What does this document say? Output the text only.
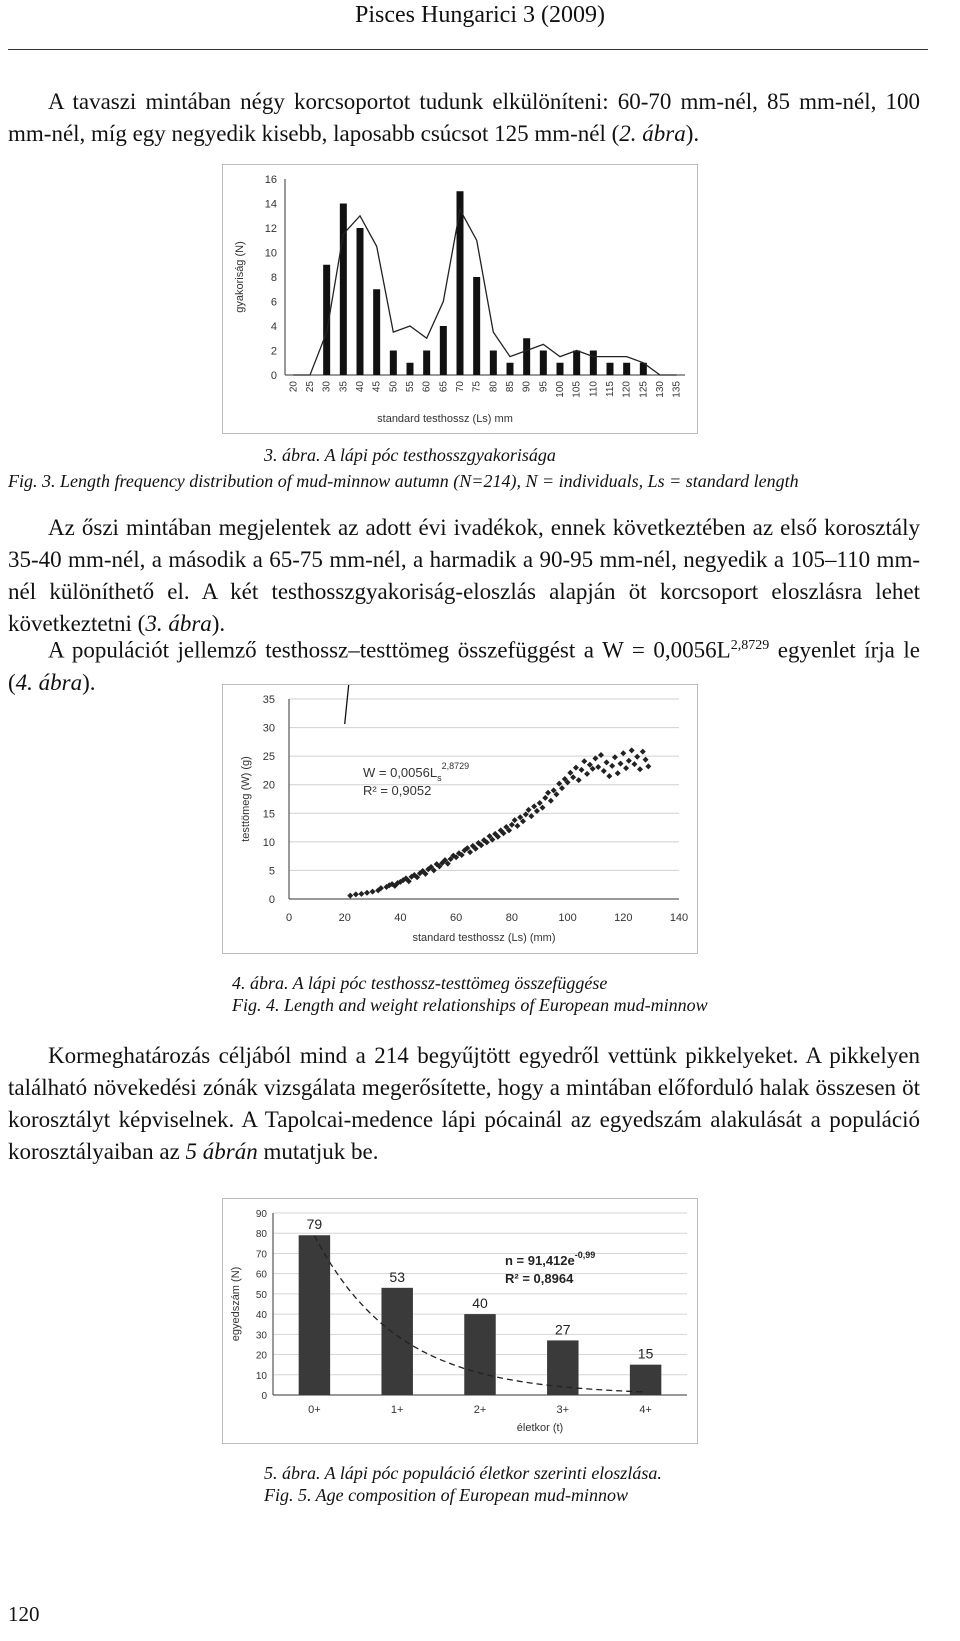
Pisces Hungarici 3 (2009)

A tavaszi mintában négy korcsoportot tudunk elkülöníteni: 60-70 mm-nél, 85 mm-nél, 100 mm-nél, míg egy negyedik kisebb, laposabb csúcsot 125 mm-nél (2. ábra).

0
2
4
6
8
10
12
14
16
20 25 30 35 40 45 50 55 60 65 70 75 80 85 90 95 100 105 110 115 120 125 130 135
gyakoriság (N)
standard testhossz (Ls) mm
3. ábra. A lápi póc testhosszgyakorisága
Fig. 3. Length frequency distribution of mud-minnow autumn (N=214), N = individuals, Ls = standard length

Az őszi mintában megjelentek az adott évi ivadékok, ennek következtében az első korosztály 35-40 mm-nél, a második a 65-75 mm-nél, a harmadik a 90-95 mm-nél, negyedik a 105–110 mm-nél különíthető el. A két testhosszgyakoriság-eloszlás alapján öt korcsoport eloszlásra lehet következtetni (3. ábra).

A populációt jellemző testhossz–testtömeg összefüggést a $W = 0,0056L^{2,8729}$ egyenlet írja le (4. ábra).

0
5
10
15
20
25
30
35
0	20	40	60	80	100	120	140
$W = 0,0056L_s^{2,8729}$
R² = 0,9052
testtömeg (W) (g)
standard testhossz (Ls) (mm)
4. ábra. A lápi póc testhossz-testtömeg összefüggése
Fig. 4. Length and weight relationships of European mud-minnow

Kormeghatározás céljából mind a 214 begyűjtött egyedről vettünk pikkelyeket. A pikkelyen található növekedési zónák vizsgálata megerősítette, hogy a mintában előforduló halak összesen öt korosztályt képviselnek. A Tapolcai-medence lápi pócainál az egyedszám alakulását a populáció korosztályaiban az 5 ábrán mutatjuk be.

0
10
20
30
40
50
60
70
80
90
79
0+
53
1+
40
2+
27
3+
15
4+
$n = 91,412e^{-0,99}$
R² = 0,8964
egyedszám (N)
életkor (t)
5. ábra. A lápi póc populáció életkor szerinti eloszlása.
Fig. 5. Age composition of European mud-minnow
120
